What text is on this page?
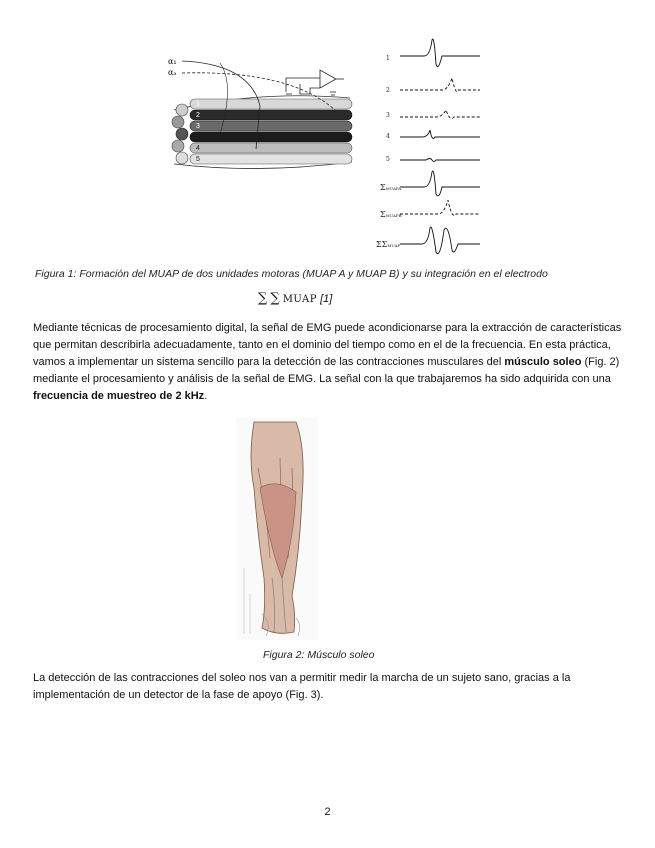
1
2
3
4
5
α₁
αₐ
1
2
3
4
5
ΣMUAPA
ΣMUAPB
ΣΣMUAP
Figura 1: Formación del MUAP de dos unidades motoras (MUAP A y MUAP B) y su integración en el electrodo
∑ ∑ MUAP [1]

Mediante técnicas de procesamiento digital, la señal de EMG puede acondicionarse para la extracción de características que permitan describirla adecuadamente, tanto en el dominio del tiempo como en el de la frecuencia. En esta práctica, vamos a implementar un sistema sencillo para la detección de las contracciones musculares del músculo soleo (Fig. 2) mediante el procesamiento y análisis de la señal de EMG. La señal con la que trabajaremos ha sido adquirida con una frecuencia de muestreo de 2 kHz.

Figura 2: Músculo soleo

La detección de las contracciones del soleo nos van a permitir medir la marcha de un sujeto sano, gracias a la implementación de un detector de la fase de apoyo (Fig. 3).

2
